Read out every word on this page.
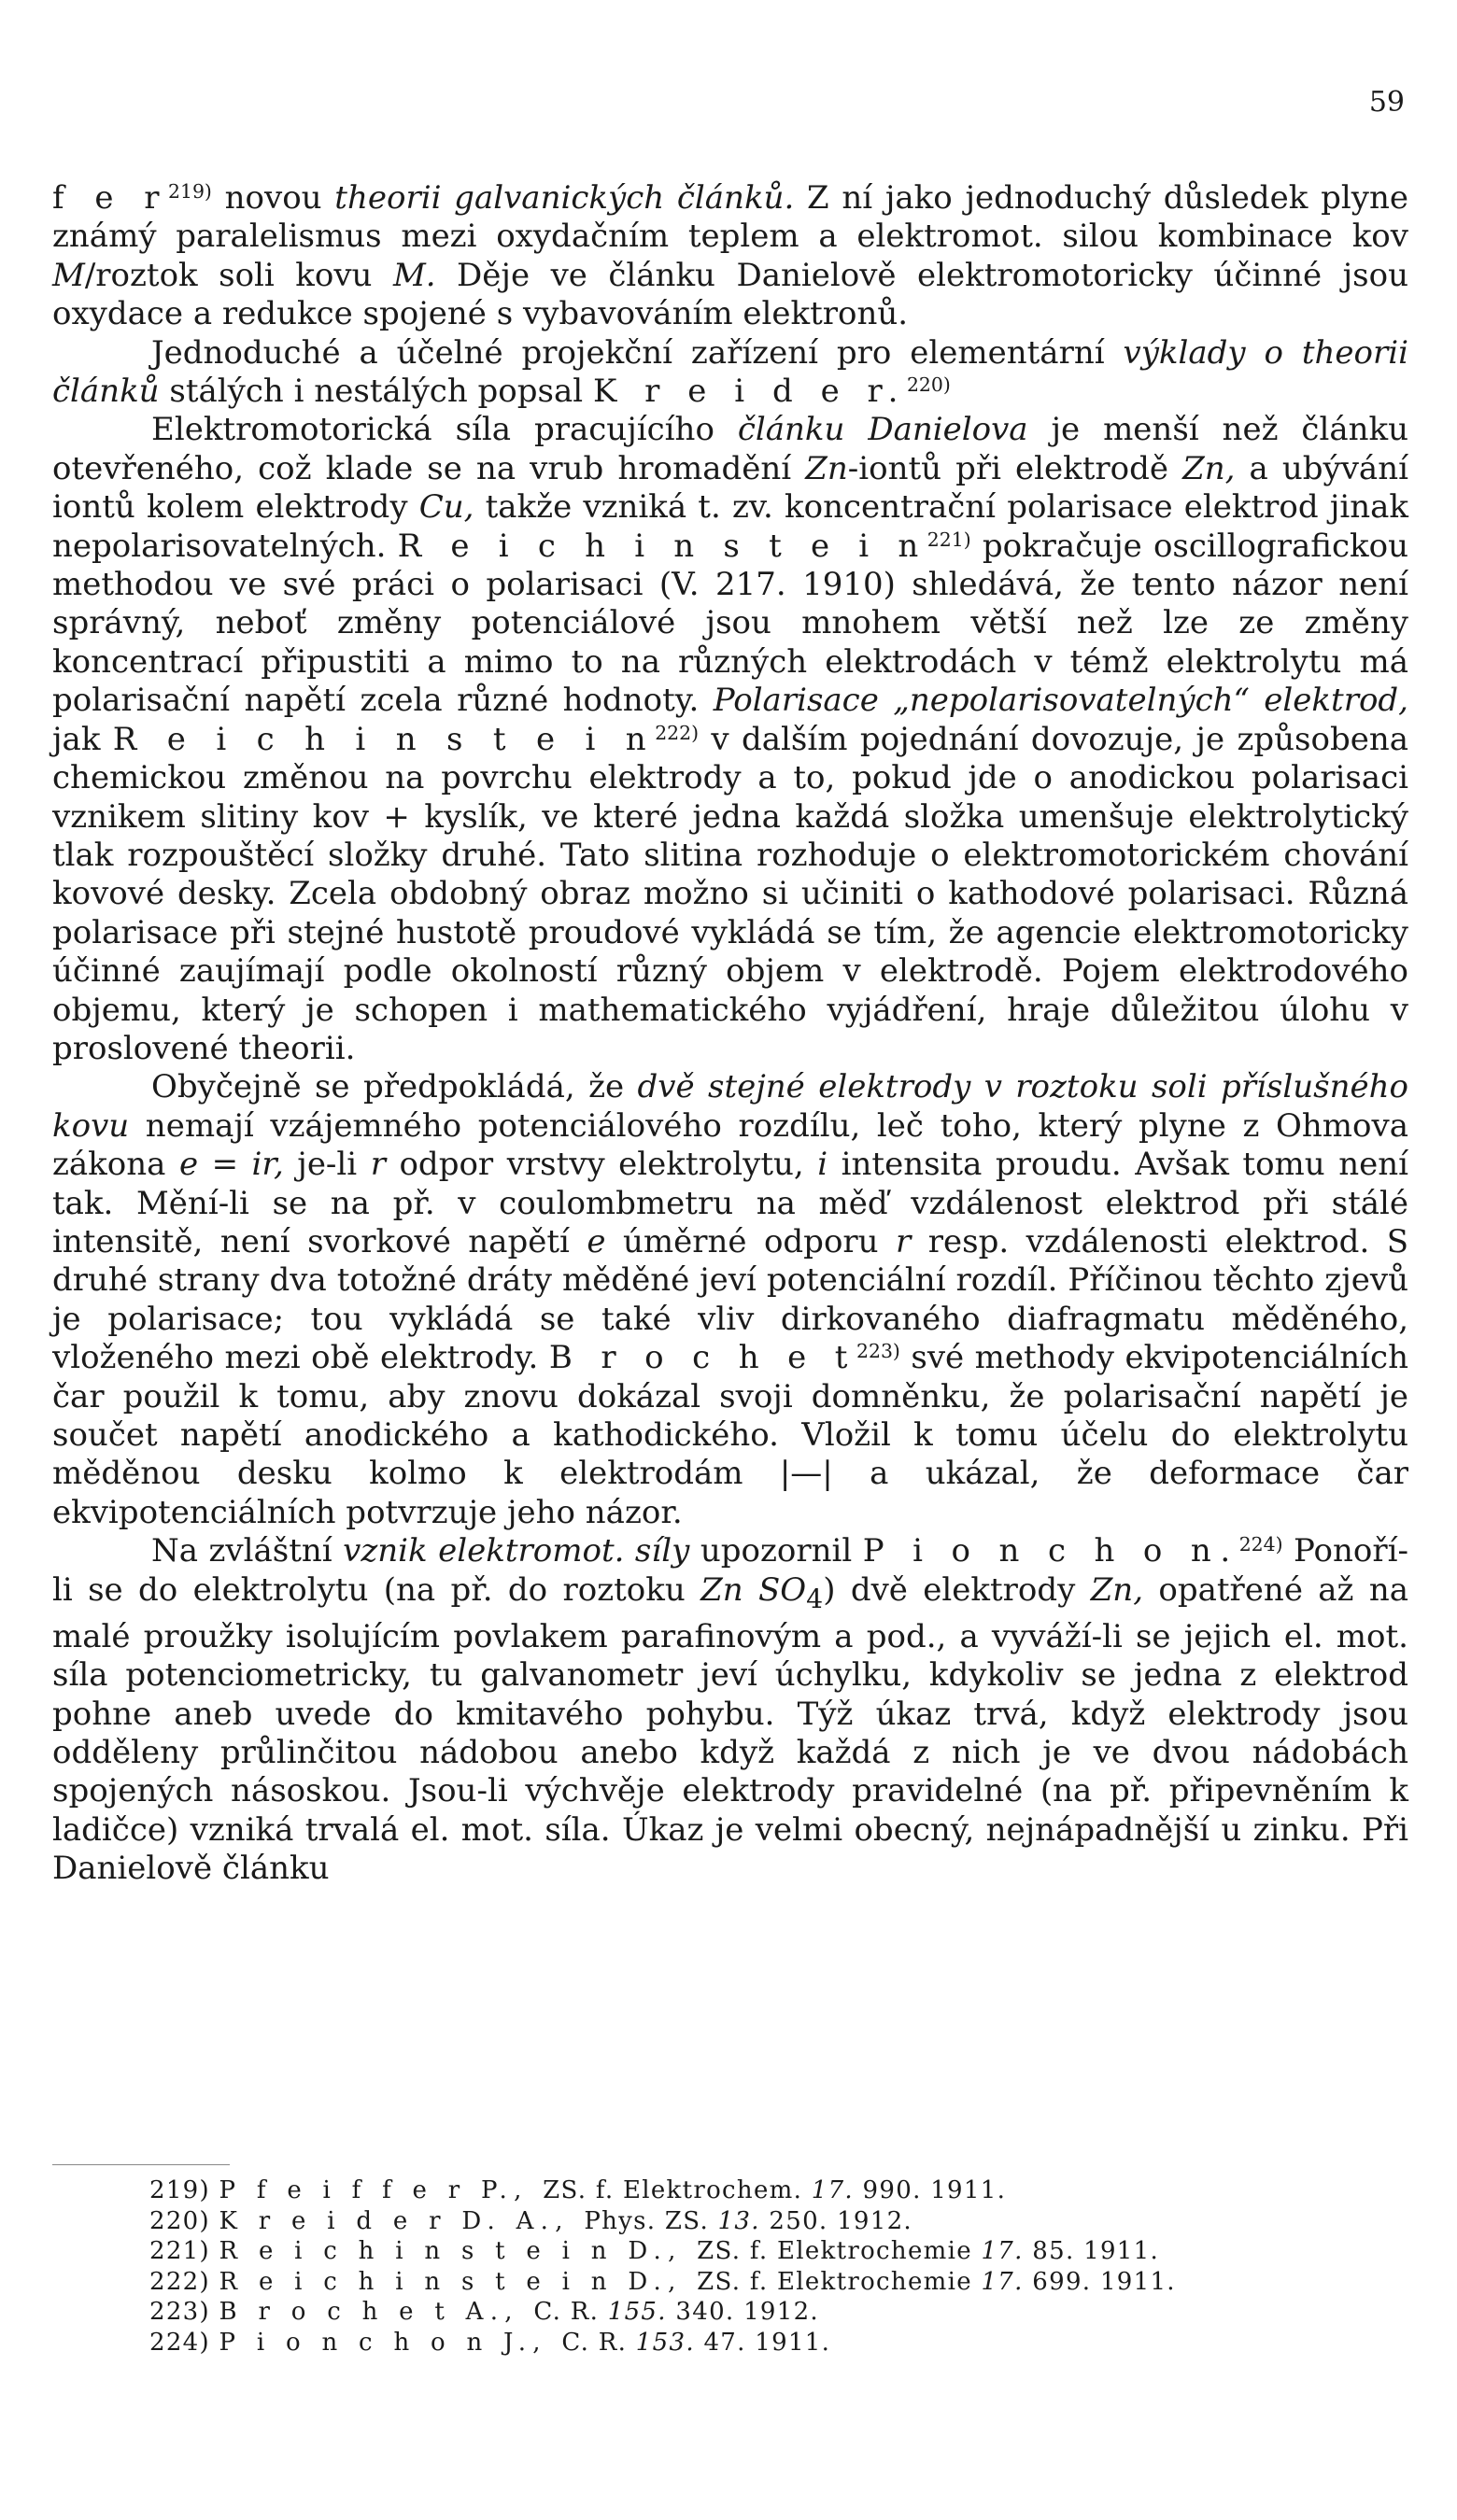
59

f e $r^{219)}$ novou theorii galvanických článků. Z ní jako jednoduchý důsledek plyne známý paralelismus mezi oxydačním teplem a elektromot. silou kombinace kov M/roztok soli kovu M. Děje ve článku Danielově elektromotoricky účinné jsou oxydace a redukce spojené s vybavováním elektronů.

Jednoduché a účelné projekční zařízení pro elementární výklady o theorii článků stálých i nestálých popsal K r e i d e r.$^{220)}$

Elektromotorická síla pracujícího článku Danielova je menší než článku otevřeného, což klade se na vrub hromadění Zn-iontů při elektrodě Zn, a ubývání iontů kolem elektrody Cu, takže vzniká t. zv. koncentrační polarisace elektrod jinak nepolarisovatelných. R e i c h i n s t e i $n^{221)}$ pokračuje oscillografickou methodou ve své práci o polarisaci (V. 217. 1910) shledává, že tento názor není správný, neboť změny potenciálové jsou mnohem větší než lze ze změny koncentrací připustiti a mimo to na různých elektrodách v témž elektrolytu má polarisační napětí zcela různé hodnoty. Polarisace „nepolarisovatelných“ elektrod, jak R e i c h i n s t e i $n^{222)}$ v dalším pojednání dovozuje, je způsobena chemickou změnou na povrchu elektrody a to, pokud jde o anodickou polarisaci vznikem slitiny kov + kyslík, ve které jedna každá složka umenšuje elektrolytický tlak rozpouštěcí složky druhé. Tato slitina rozhoduje o elektromotorickém chování kovové desky. Zcela obdobný obraz možno si učiniti o kathodové polarisaci. Různá polarisace při stejné hustotě proudové vykládá se tím, že agencie elektromotoricky účinné zaujímají podle okolností různý objem v elektrodě. Pojem elektrodového objemu, který je schopen i mathematického vyjádření, hraje důležitou úlohu v proslovené theorii.

Obyčejně se předpokládá, že dvě stejné elektrody v roztoku soli příslušného kovu nemají vzájemného potenciálového rozdílu, leč toho, který plyne z Ohmova zákona e = ir, je-li r odpor vrstvy elektrolytu, i intensita proudu. Avšak tomu není tak. Mění-li se na př. v coulombmetru na měď vzdálenost elektrod při stálé intensitě, není svorkové napětí e úměrné odporu r resp. vzdálenosti elektrod. S druhé strany dva totožné dráty měděné jeví potenciální rozdíl. Příčinou těchto zjevů je polarisace; tou vykládá se také vliv dirkovaného diafragmatu měděného, vloženého mezi obě elektrody. B r o c h e $t^{223)}$ své methody ekvipotenciálních čar použil k tomu, aby znovu dokázal svoji domněnku, že polarisační napětí je součet napětí anodického a kathodického. Vložil k tomu účelu do elektrolytu měděnou desku kolmo k elektrodám |—| a ukázal, že deformace čar ekvipotenciálních potvrzuje jeho názor.

Na zvláštní vznik elektromot. síly upozornil P i o n c h o n.$^{224)}$ Ponoří-li se do elektrolytu (na př. do roztoku Zn $SO_4$) dvě elektrody Zn, opatřené až na malé proužky isolujícím povlakem parafinovým a pod., a vyváží-li se jejich el. mot. síla potenciometricky, tu galvanometr jeví úchylku, kdykoliv se jedna z elektrod pohne aneb uvede do kmitavého pohybu. Týž úkaz trvá, když elektrody jsou odděleny průlinčitou nádobou anebo když každá z nich je ve dvou nádobách spojených násoskou. Jsou-li výchvěje elektrody pravidelné (na př. připevněním k ladičce) vzniká trvalá el. mot. síla. Úkaz je velmi obecný, nejnápadnější u zinku. Při Danielově článku

219) P f e i f f e r P., ZS. f. Elektrochem. 17. 990. 1911.
220) K r e i d e r D. A., Phys. ZS. 13. 250. 1912.
221) R e i c h i n s t e i n D., ZS. f. Elektrochemie 17. 85. 1911.
222) R e i c h i n s t e i n D., ZS. f. Elektrochemie 17. 699. 1911.
223) B r o c h e t A., C. R. 155. 340. 1912.
224) P i o n c h o n J., C. R. 153. 47. 1911.
